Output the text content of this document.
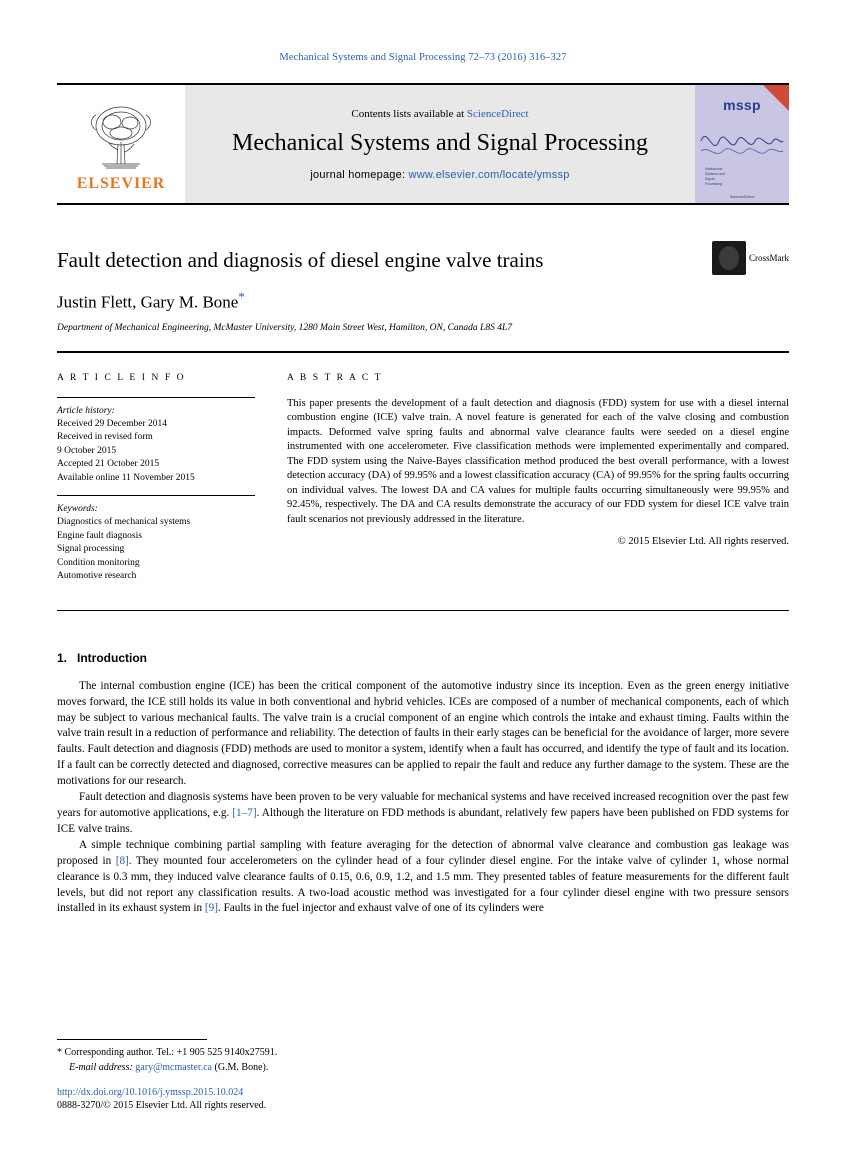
Mechanical Systems and Signal Processing 72–73 (2016) 316–327
ELSEVIER
Contents lists available at ScienceDirect
Mechanical Systems and Signal Processing
journal homepage: www.elsevier.com/locate/ymssp
mssp
Mechanical
Systems and
Signal
Processing
ScienceDirect
CrossMark
Fault detection and diagnosis of diesel engine valve trains
Justin Flett, Gary M. Bone*
Department of Mechanical Engineering, McMaster University, 1280 Main Street West, Hamilton, ON, Canada L8S 4L7
A R T I C L E I N F O
Article history:
Received 29 December 2014
Received in revised form
9 October 2015
Accepted 21 October 2015
Available online 11 November 2015
Keywords:
Diagnostics of mechanical systems
Engine fault diagnosis
Signal processing
Condition monitoring
Automotive research
A B S T R A C T
This paper presents the development of a fault detection and diagnosis (FDD) system for use with a diesel internal combustion engine (ICE) valve train. A novel feature is generated for each of the valve closing and combustion impacts. Deformed valve spring faults and abnormal valve clearance faults were seeded on a diesel engine instrumented with one accelerometer. Five classification methods were implemented experimentally and compared. The FDD system using the Naive-Bayes classification method produced the best overall performance, with a lowest detection accuracy (DA) of 99.95% and a lowest classification accuracy (CA) of 99.95% for the spring faults occurring on individual valves. The lowest DA and CA values for multiple faults occurring simultaneously were 99.95% and 92.45%, respectively. The DA and CA results demonstrate the accuracy of our FDD system for diesel ICE valve train fault scenarios not previously addressed in the literature.
© 2015 Elsevier Ltd. All rights reserved.
1. Introduction

The internal combustion engine (ICE) has been the critical component of the automotive industry since its inception. Even as the green energy initiative moves forward, the ICE still holds its value in both conventional and hybrid vehicles. ICEs are composed of a number of mechanical components, each of which may be subject to various mechanical faults. The valve train is a crucial component of an engine which controls the intake and exhaust timing. Faults within the valve train result in a reduction of performance and reliability. The detection of faults in their early stages can be beneficial for the avoidance of larger, more severe faults. Fault detection and diagnosis (FDD) methods are used to monitor a system, identify when a fault has occurred, and identify the type of fault and its location. If a fault can be correctly detected and diagnosed, corrective measures can be applied to repair the fault and reduce any further damage to the system. These are the motivations for our research.

Fault detection and diagnosis systems have been proven to be very valuable for mechanical systems and have received increased recognition over the past few years for automotive applications, e.g. [1–7]. Although the literature on FDD methods is abundant, relatively few papers have been published on FDD systems for ICE valve trains.

A simple technique combining partial sampling with feature averaging for the detection of abnormal valve clearance and combustion gas leakage was proposed in [8]. They mounted four accelerometers on the cylinder head of a four cylinder diesel engine. For the intake valve of cylinder 1, whose normal clearance is 0.3 mm, they induced valve clearance faults of 0.15, 0.6, 0.9, 1.2, and 1.5 mm. They presented tables of feature measurements for the different fault levels, but did not report any classification results. A two-load acoustic method was investigated for a four cylinder diesel engine with two pressure sensors installed in its exhaust system in [9]. Faults in the fuel injector and exhaust valve of one of its cylinders were

* Corresponding author. Tel.: +1 905 525 9140x27591.
E-mail address: gary@mcmaster.ca (G.M. Bone).
http://dx.doi.org/10.1016/j.ymssp.2015.10.024
0888-3270/© 2015 Elsevier Ltd. All rights reserved.
